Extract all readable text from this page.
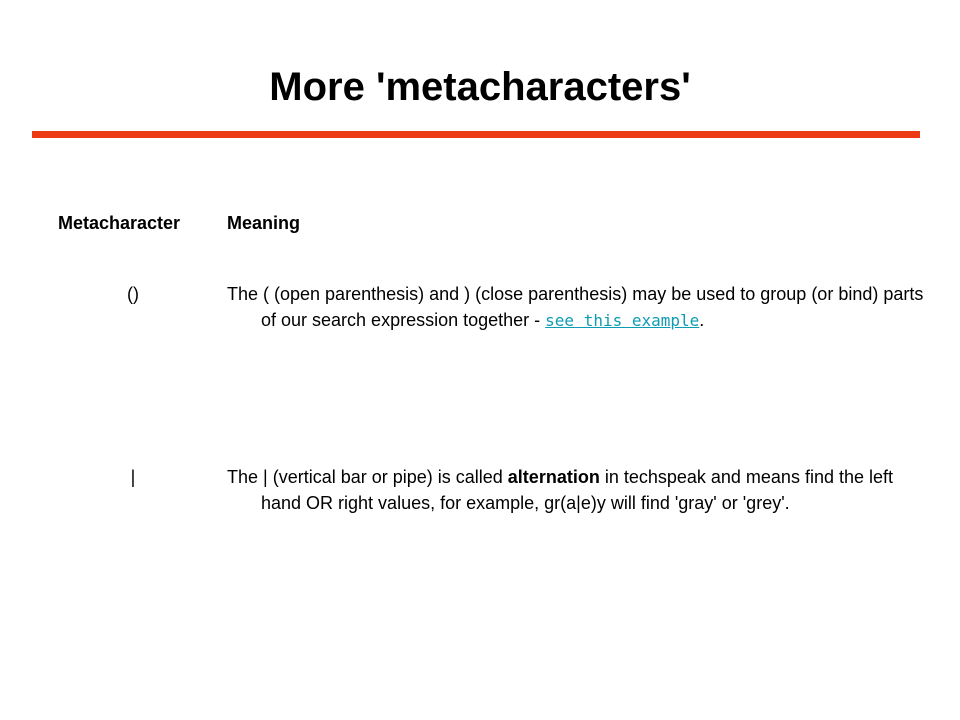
More 'metacharacters'
Metacharacter	Meaning
()	The ( (open parenthesis) and ) (close parenthesis) may be used to group (or bind) parts of our search expression together - see this example.
|	The | (vertical bar or pipe) is called alternation in techspeak and means find the left hand OR right values, for example, gr(a|e)y will find 'gray' or 'grey'.
